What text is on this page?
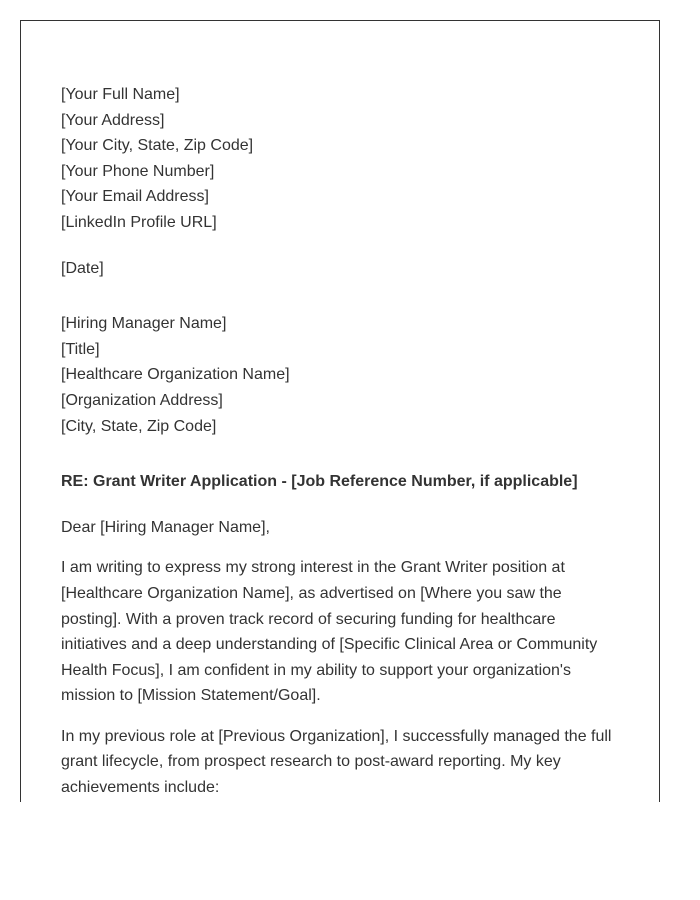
[Your Full Name]

[Your Address]

[Your City, State, Zip Code]

[Your Phone Number]

[Your Email Address]

[LinkedIn Profile URL]

[Date]

[Hiring Manager Name]

[Title]

[Healthcare Organization Name]

[Organization Address]

[City, State, Zip Code]

RE: Grant Writer Application - [Job Reference Number, if applicable]
Dear [Hiring Manager Name],
I am writing to express my strong interest in the Grant Writer position at [Healthcare Organization Name], as advertised on [Where you saw the posting]. With a proven track record of securing funding for healthcare initiatives and a deep understanding of [Specific Clinical Area or Community Health Focus], I am confident in my ability to support your organization's mission to [Mission Statement/Goal].
In my previous role at [Previous Organization], I successfully managed the full grant lifecycle, from prospect research to post-award reporting. My key achievements include:
